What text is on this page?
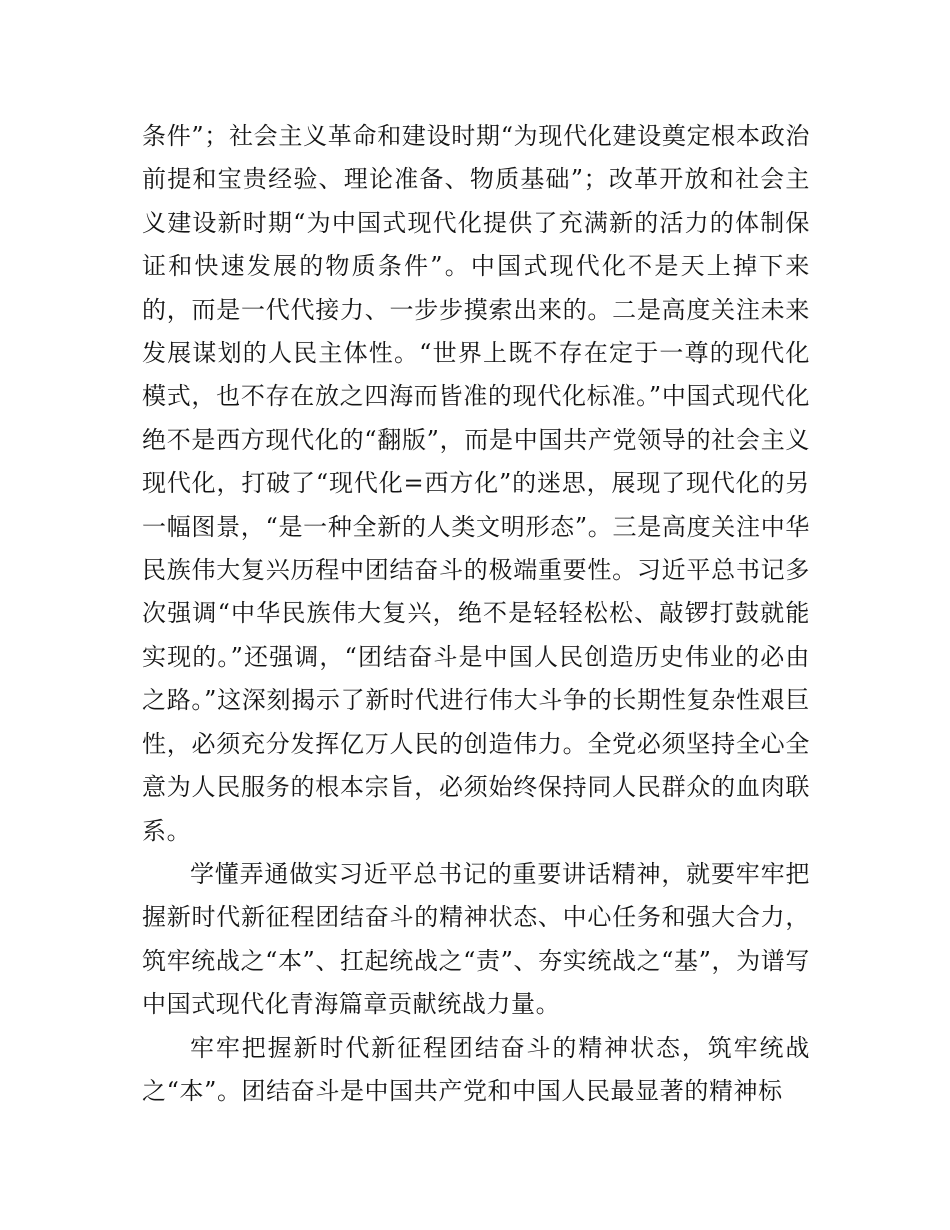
条件”；社会主义革命和建设时期“为现代化建设奠定根本政治前提和宝贵经验、理论准备、物质基础”；改革开放和社会主义建设新时期“为中国式现代化提供了充满新的活力的体制保证和快速发展的物质条件”。中国式现代化不是天上掉下来的，而是一代代接力、一步步摸索出来的。二是高度关注未来发展谋划的人民主体性。“世界上既不存在定于一尊的现代化模式，也不存在放之四海而皆准的现代化标准。”中国式现代化绝不是西方现代化的“翻版”，而是中国共产党领导的社会主义现代化，打破了“现代化=西方化”的迷思，展现了现代化的另一幅图景，“是一种全新的人类文明形态”。三是高度关注中华民族伟大复兴历程中团结奋斗的极端重要性。习近平总书记多次强调“中华民族伟大复兴，绝不是轻轻松松、敲锣打鼓就能实现的。”还强调，“团结奋斗是中国人民创造历史伟业的必由之路。”这深刻揭示了新时代进行伟大斗争的长期性复杂性艰巨性，必须充分发挥亿万人民的创造伟力。全党必须坚持全心全意为人民服务的根本宗旨，必须始终保持同人民群众的血肉联系。

学懂弄通做实习近平总书记的重要讲话精神，就要牢牢把握新时代新征程团结奋斗的精神状态、中心任务和强大合力，筑牢统战之“本”、扛起统战之“责”、夯实统战之“基”，为谱写中国式现代化青海篇章贡献统战力量。

牢牢把握新时代新征程团结奋斗的精神状态，筑牢统战之“本”。团结奋斗是中国共产党和中国人民最显著的精神标
